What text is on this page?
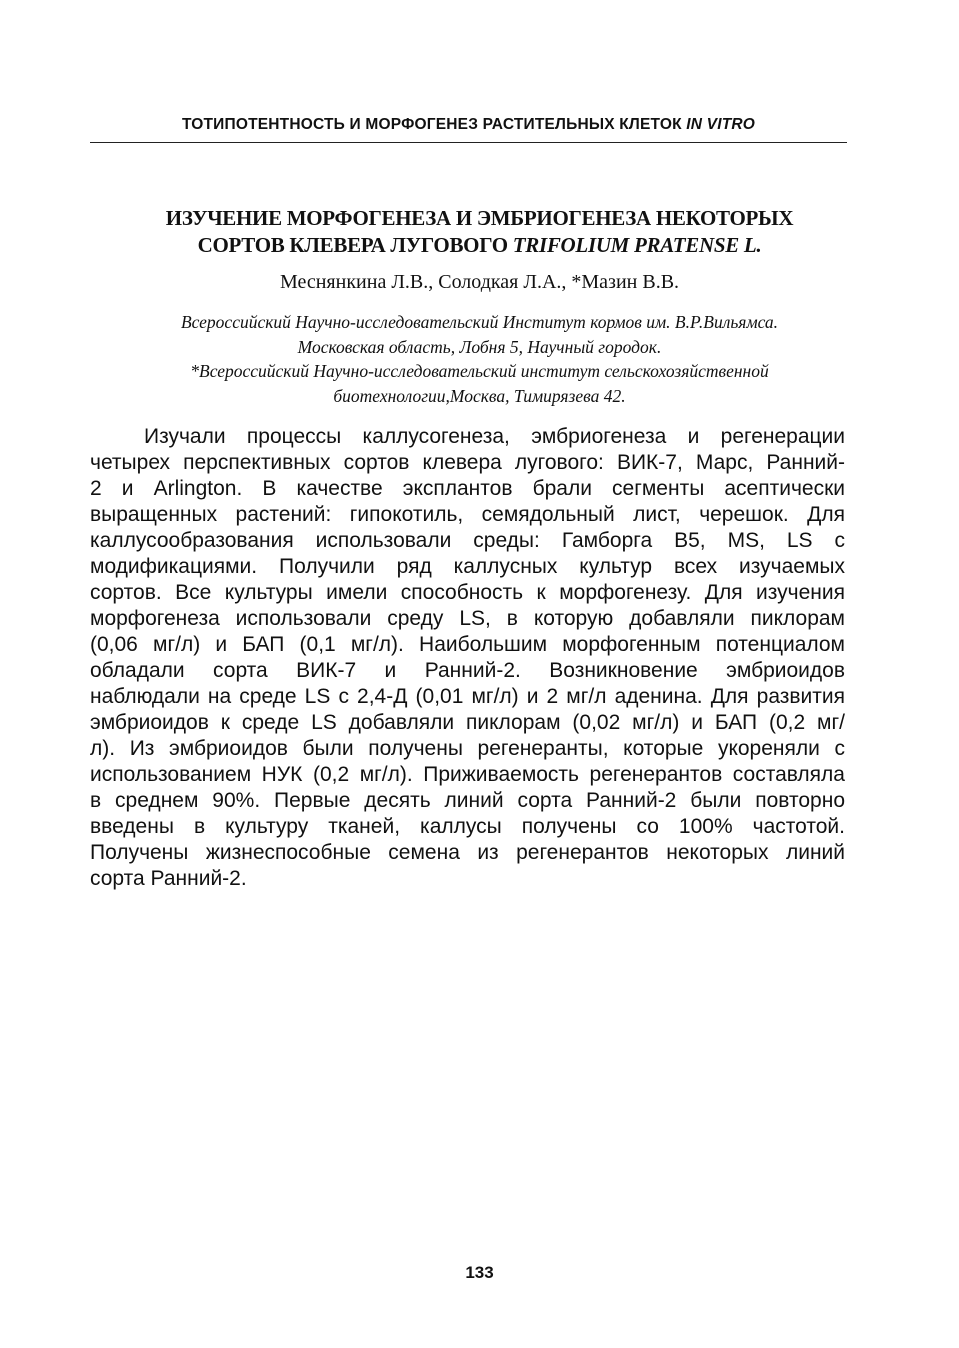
ТОТИПОТЕНТНОСТЬ И МОРФОГЕНЕЗ РАСТИТЕЛЬНЫХ КЛЕТОК IN VITRO
ИЗУЧЕНИЕ МОРФОГЕНЕЗА И ЭМБРИОГЕНЕЗА НЕКОТОРЫХ
СОРТОВ КЛЕВЕРА ЛУГОВОГО TRIFOLIUM PRATENSE L.
Меснянкина Л.В., Солодкая Л.А., *Мазин В.В.
Всероссийский Научно-исследовательский Институт кормов им. В.Р.Вильямса.
Московская область, Лобня 5, Научный городок.
*Всероссийский Научно-исследовательский институт сельскохозяйственной
биотехнологии,Москва, Тимирязева 42.
Изучали процессы каллусогенеза, эмбриогенеза и регенерации
четырех перспективных сортов клевера лугового: ВИК-7, Марс, Ранний-
2 и Arlington. В качестве эксплантов брали сегменты асептически
выращенных растений: гипокотиль, семядольный лист, черешок. Для
каллусообразования использовали среды: Гамборга В5, MS, LS с
модификациями. Получили ряд каллусных культур всех изучаемых
сортов. Все культуры имели способность к морфогенезу. Для изучения
морфогенеза использовали среду LS, в которую добавляли пиклорам
(0,06 мг/л) и БАП (0,1 мг/л). Наибольшим морфогенным потенциалом
обладали сорта ВИК-7 и Ранний-2. Возникновение эмбриоидов
наблюдали на среде LS с 2,4-Д (0,01 мг/л) и 2 мг/л аденина. Для развития
эмбриоидов к среде LS добавляли пиклорам (0,02 мг/л) и БАП (0,2 мг/
л). Из эмбриоидов были получены регенеранты, которые укореняли с
использованием НУК (0,2 мг/л). Приживаемость регенерантов составляла
в среднем 90%. Первые десять линий сорта Ранний-2 были повторно
введены в культуру тканей, каллусы получены со 100% частотой.
Получены жизнеспособные семена из регенерантов некоторых линий
сорта Ранний-2.
133
